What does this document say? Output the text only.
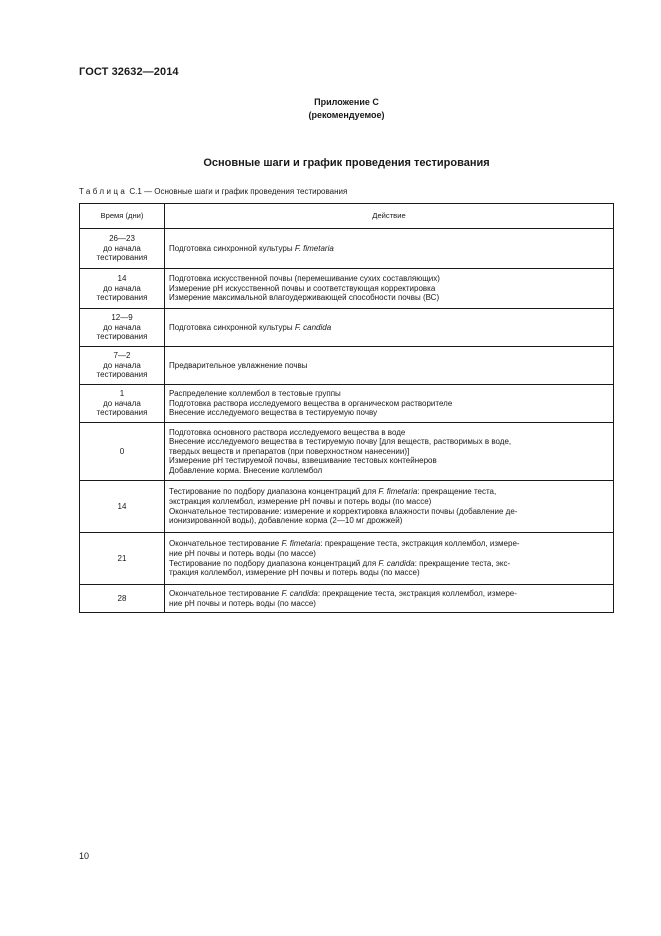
ГОСТ 32632—2014
Приложение С
(рекомендуемое)
Основные шаги и график проведения тестирования
Таблица С.1 — Основные шаги и график проведения тестирования
Время (дни)	Действие

26—23
до начала
тестирования	Подготовка синхронной культуры F. fimetaria

14
до начала
тестирования	Подготовка искусственной почвы (перемешивание сухих составляющих)
Измерение pH искусственной почвы и соответствующая корректировка
Измерение максимальной влагоудерживающей способности почвы (ВС)

12—9
до начала
тестирования	Подготовка синхронной культуры F. candida

7—2
до начала
тестирования	Предварительное увлажнение почвы

1
до начала
тестирования	Распределение коллембол в тестовые группы
Подготовка раствора исследуемого вещества в органическом растворителе
Внесение исследуемого вещества в тестируемую почву

0	Подготовка основного раствора исследуемого вещества в воде
Внесение исследуемого вещества в тестируемую почву [для веществ, растворимых в воде,
твердых веществ и препаратов (при поверхностном нанесении)]
Измерение pH тестируемой почвы, взвешивание тестовых контейнеров
Добавление корма. Внесение коллембол

14	Тестирование по подбору диапазона концентраций для F. fimetaria: прекращение теста,
экстракция коллембол, измерение pH почвы и потерь воды (по массе)
Окончательное тестирование: измерение и корректировка влажности почвы (добавление де-
ионизированной воды), добавление корма (2—10 мг дрожжей)

21	Окончательное тестирование F. fimetaria: прекращение теста, экстракция коллембол, измере-
ние pH почвы и потерь воды (по массе)
Тестирование по подбору диапазона концентраций для F. candida: прекращение теста, экс-
тракция коллембол, измерение pH почвы и потерь воды (по массе)

28	Окончательное тестирование F. candida: прекращение теста, экстракция коллембол, измере-
ние pH почвы и потерь воды (по массе)
10
